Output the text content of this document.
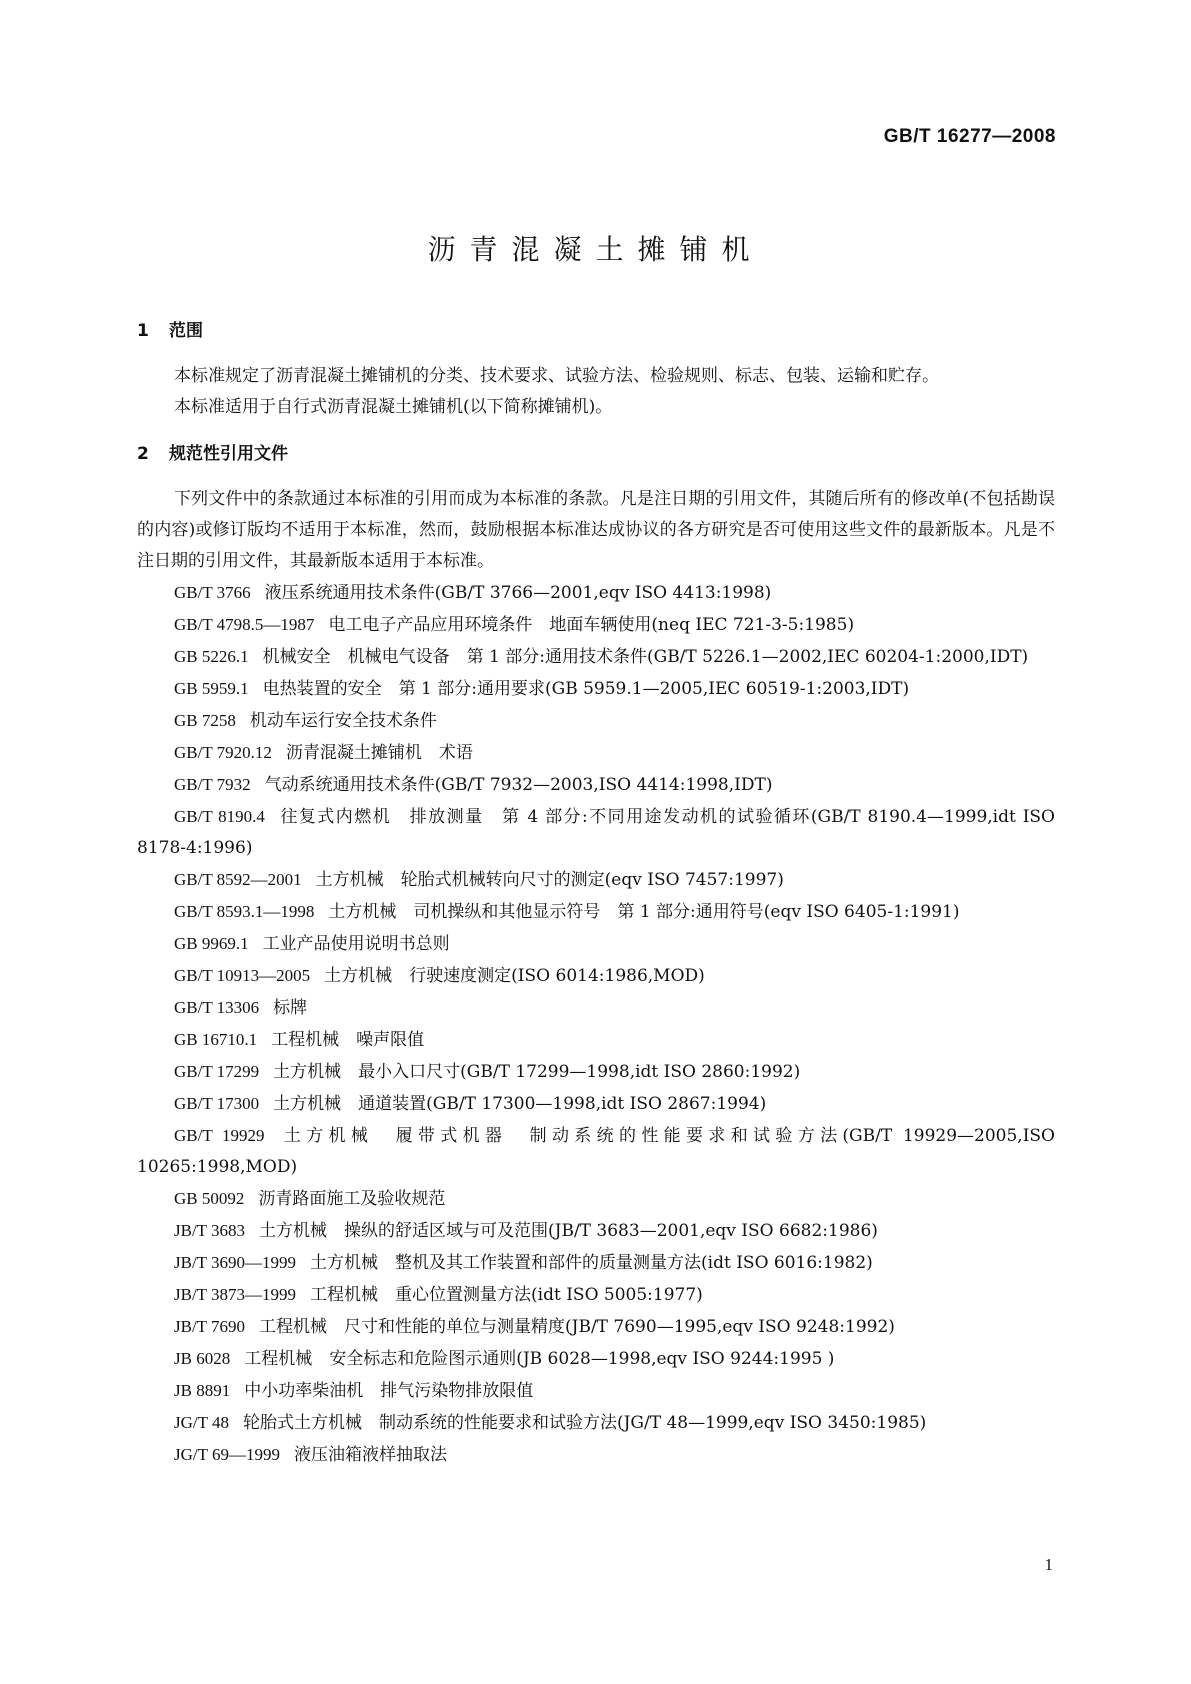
GB/T 16277—2008
沥青混凝土摊铺机
1 范围
本标准规定了沥青混凝土摊铺机的分类、技术要求、试验方法、检验规则、标志、包装、运输和贮存。
本标准适用于自行式沥青混凝土摊铺机(以下简称摊铺机)。
2 规范性引用文件
下列文件中的条款通过本标准的引用而成为本标准的条款。凡是注日期的引用文件，其随后所有的修改单(不包括勘误的内容)或修订版均不适用于本标准，然而，鼓励根据本标准达成协议的各方研究是否可使用这些文件的最新版本。凡是不注日期的引用文件，其最新版本适用于本标准。
GB/T 3766 液压系统通用技术条件(GB/T 3766—2001,eqv ISO 4413:1998)
GB/T 4798.5—1987 电工电子产品应用环境条件　地面车辆使用(neq IEC 721-3-5:1985)
GB 5226.1 机械安全　机械电气设备　第 1 部分:通用技术条件(GB/T 5226.1—2002,IEC 60204-1:2000,IDT)
GB 5959.1 电热装置的安全　第 1 部分:通用要求(GB 5959.1—2005,IEC 60519-1:2003,IDT)
GB 7258 机动车运行安全技术条件
GB/T 7920.12 沥青混凝土摊铺机　术语
GB/T 7932 气动系统通用技术条件(GB/T 7932—2003,ISO 4414:1998,IDT)
GB/T 8190.4 往复式内燃机　排放测量　第 4 部分:不同用途发动机的试验循环(GB/T 8190.4—1999,idt ISO 8178-4:1996)
GB/T 8592—2001 土方机械　轮胎式机械转向尺寸的测定(eqv ISO 7457:1997)
GB/T 8593.1—1998 土方机械　司机操纵和其他显示符号　第 1 部分:通用符号(eqv ISO 6405-1:1991)
GB 9969.1 工业产品使用说明书总则
GB/T 10913—2005 土方机械　行驶速度测定(ISO 6014:1986,MOD)
GB/T 13306 标牌
GB 16710.1 工程机械　噪声限值
GB/T 17299 土方机械　最小入口尺寸(GB/T 17299—1998,idt ISO 2860:1992)
GB/T 17300 土方机械　通道装置(GB/T 17300—1998,idt ISO 2867:1994)
GB/T 19929 土方机械　履带式机器　制动系统的性能要求和试验方法(GB/T 19929—2005,ISO 10265:1998,MOD)
GB 50092 沥青路面施工及验收规范
JB/T 3683 土方机械　操纵的舒适区域与可及范围(JB/T 3683—2001,eqv ISO 6682:1986)
JB/T 3690—1999 土方机械　整机及其工作装置和部件的质量测量方法(idt ISO 6016:1982)
JB/T 3873—1999 工程机械　重心位置测量方法(idt ISO 5005:1977)
JB/T 7690 工程机械　尺寸和性能的单位与测量精度(JB/T 7690—1995,eqv ISO 9248:1992)
JB 6028 工程机械　安全标志和危险图示通则(JB 6028—1998,eqv ISO 9244:1995 )
JB 8891 中小功率柴油机　排气污染物排放限值
JG/T 48 轮胎式土方机械　制动系统的性能要求和试验方法(JG/T 48—1999,eqv ISO 3450:1985)
JG/T 69—1999 液压油箱液样抽取法
1
